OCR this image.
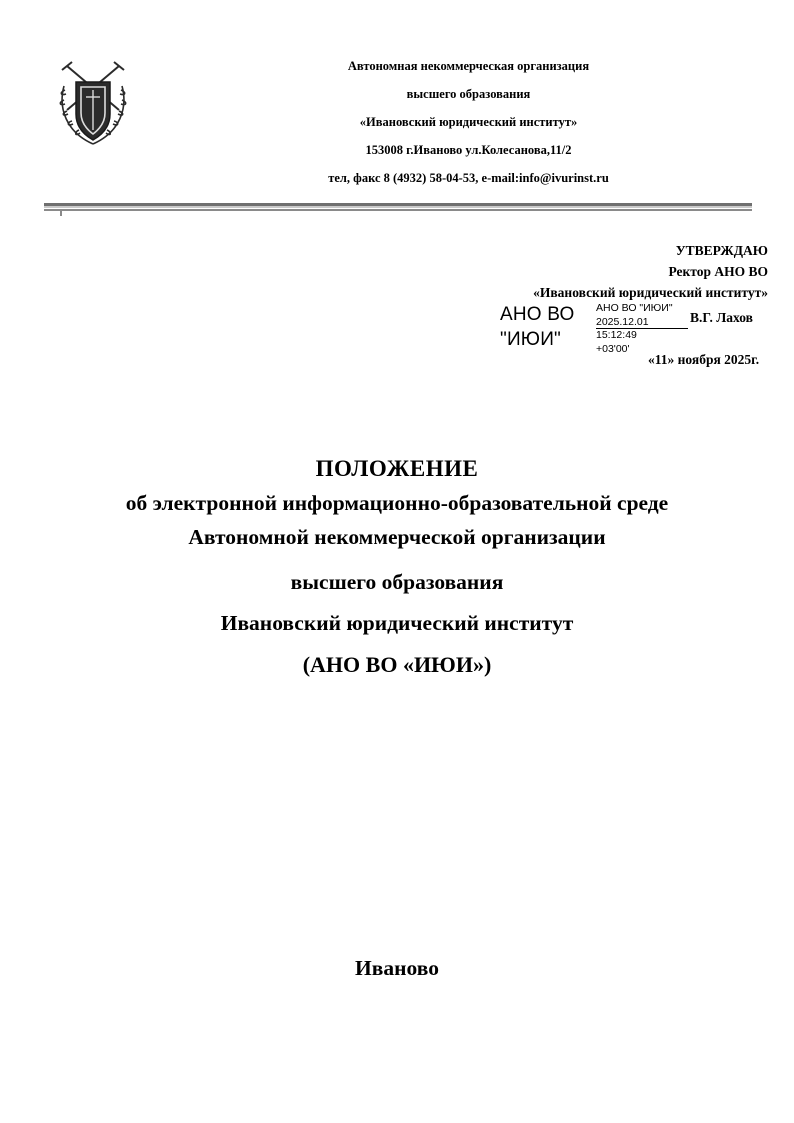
Автономная некоммерческая организация
высшего образования
«Ивановский юридический институт»
153008 г.Иваново ул.Колесанова,11/2
тел, факс 8 (4932) 58-04-53, e-mail:info@ivurinst.ru
УТВЕРЖДАЮ
Ректор АНО ВО
«Ивановский юридический институт»
АНО ВО "ИЮИ"
АНО ВО "ИЮИ"
2025.12.01
15:12:49
+03'00'
В.Г. Лахов
«11» ноября 2025г.
ПОЛОЖЕНИЕ
об электронной информационно-образовательной среде
Автономной некоммерческой организации
высшего образования
Ивановский юридический институт
(АНО ВО «ИЮИ»)
Иваново
